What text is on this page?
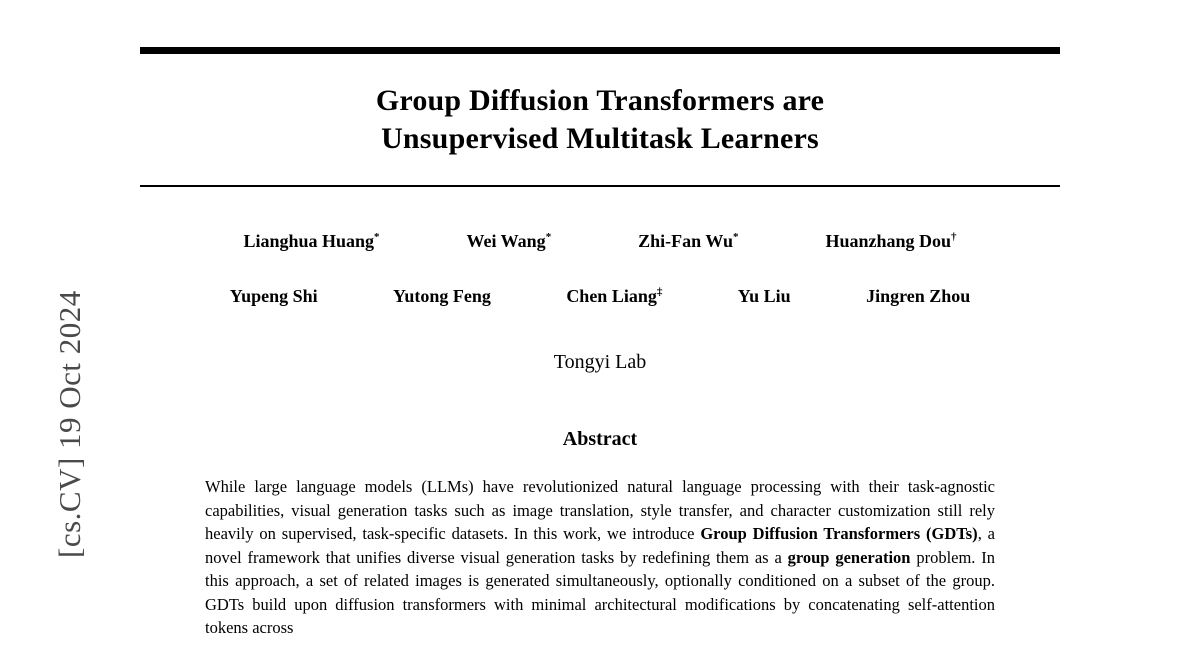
[cs.CV] 19 Oct 2024
Group Diffusion Transformers are
Unsupervised Multitask Learners
Lianghua Huang*	Wei Wang*	Zhi-Fan Wu*	Huanzhang Dou†
Yupeng Shi	Yutong Feng	Chen Liang‡	Yu Liu	Jingren Zhou
Tongyi Lab
Abstract
While large language models (LLMs) have revolutionized natural language processing with their task-agnostic capabilities, visual generation tasks such as image translation, style transfer, and character customization still rely heavily on supervised, task-specific datasets. In this work, we introduce Group Diffusion Transformers (GDTs), a novel framework that unifies diverse visual generation tasks by redefining them as a group generation problem. In this approach, a set of related images is generated simultaneously, optionally conditioned on a subset of the group. GDTs build upon diffusion transformers with minimal architectural modifications by concatenating self-attention tokens across
